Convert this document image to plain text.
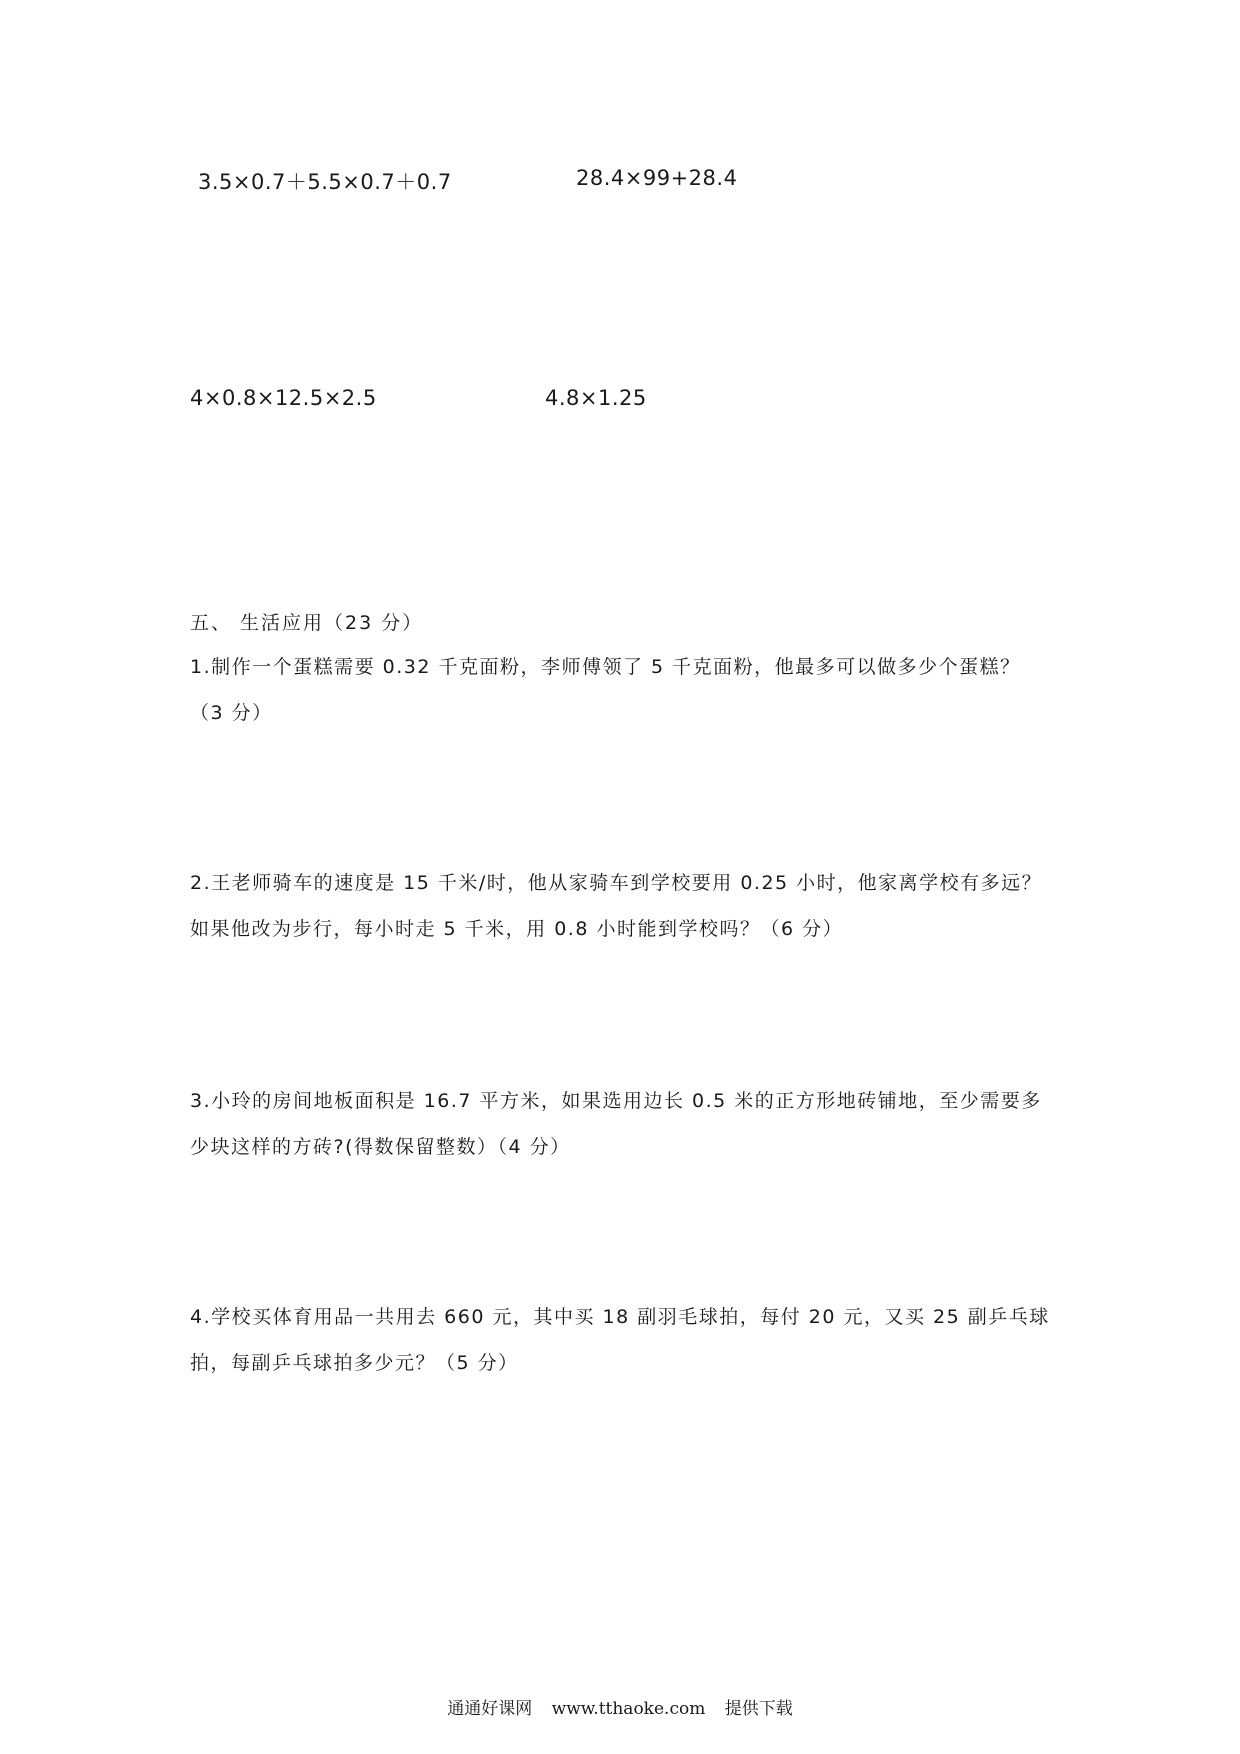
3.5×0.7＋5.5×0.7＋0.7	28.4×99+28.4
4×0.8×12.5×2.5	4.8×1.25
五、 生活应用（23 分）

1.制作一个蛋糕需要 0.32 千克面粉，李师傅领了 5 千克面粉，他最多可以做多少个蛋糕？

（3 分）

2.王老师骑车的速度是 15 千米/时，他从家骑车到学校要用 0.25 小时，他家离学校有多远？

如果他改为步行，每小时走 5 千米，用 0.8 小时能到学校吗？（6 分）

3.小玲的房间地板面积是 16.7 平方米，如果选用边长 0.5 米的正方形地砖铺地，至少需要多

少块这样的方砖?(得数保留整数）（4 分）

4.学校买体育用品一共用去 660 元，其中买 18 副羽毛球拍，每付 20 元，又买 25 副乒乓球

拍，每副乒乓球拍多少元？（5 分）

通通好课网 www.tthaoke.com 提供下载
